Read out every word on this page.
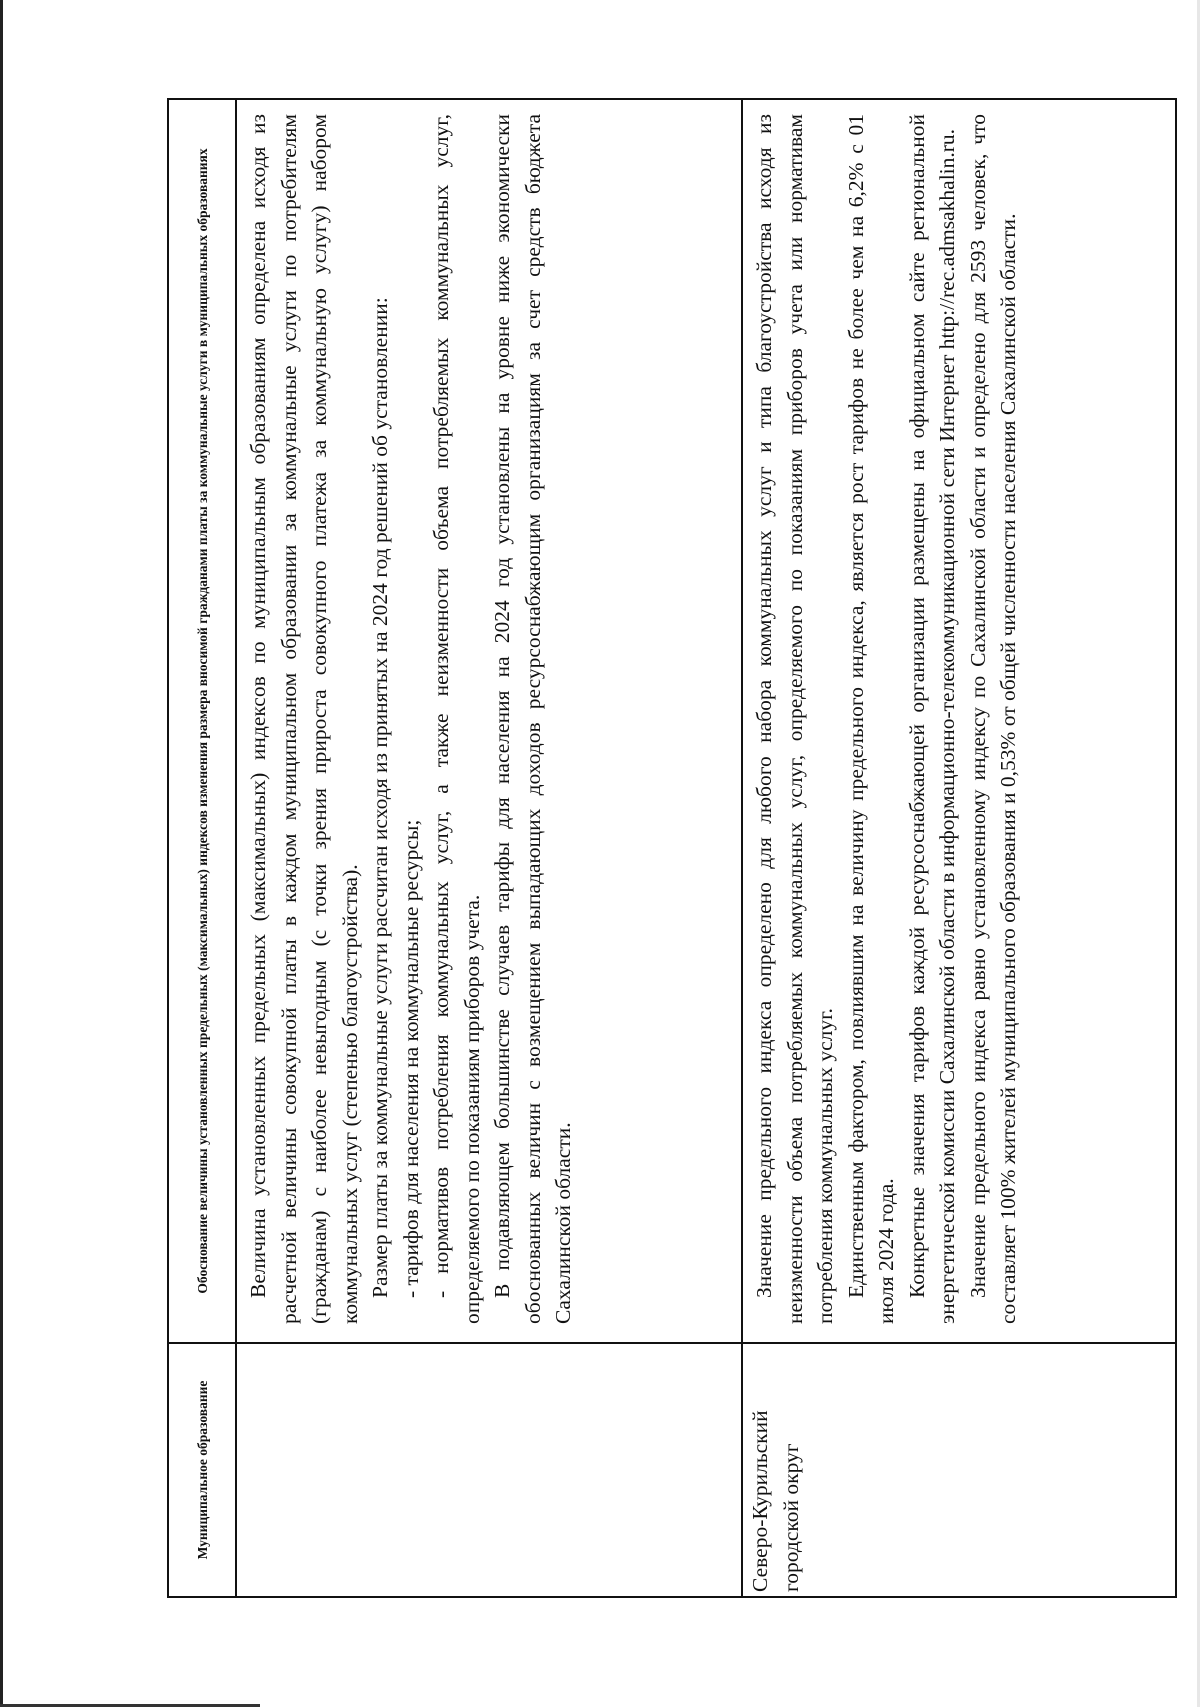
Муниципальное образование
Обоснование величины установленных предельных (максимальных) индексов изменения размера вносимой гражданами платы за коммунальные услуги в муниципальных образованиях	Величина установленных предельных (максимальных) индексов по муниципальным образованиям определена исходя из расчетной величины совокупной платы в каждом муниципальном образовании за коммунальные услуги по потребителям (гражданам) с наиболее невыгодным (с точки зрения прироста совокупного платежа за коммунальную услугу) набором коммунальных услуг (степенью благоустройства). Размер платы за коммунальные услуги рассчитан исходя из принятых на 2024 год решений об установлении: - тарифов для населения на коммунальные ресурсы; - нормативов потребления коммунальных услуг, а также неизменности объема потребляемых коммунальных услуг, определяемого по показаниям приборов учета. В подавляющем большинстве случаев тарифы для населения на 2024 год установлены на уровне ниже экономически обоснованных величин с возмещением выпадающих доходов ресурсоснабжающим организациям за счет средств бюджета Сахалинской области.

Северо-Курильский городской округ

Значение предельного индекса определено для любого набора коммунальных услуг и типа благоустройства исходя из неизменности объема потребляемых коммунальных услуг, определяемого по показаниям приборов учета или нормативам потребления коммунальных услуг. Единственным фактором, повлиявшим на величину предельного индекса, является рост тарифов не более чем на 6,2% с 01 июля 2024 года. Конкретные значения тарифов каждой ресурсоснабжающей организации размещены на официальном сайте региональной энергетической комиссии Сахалинской области в информационно-телекоммуникационной сети Интернет http://rec.admsakhalin.ru. Значение предельного индекса равно установленному индексу по Сахалинской области и определено для 2593 человек, что составляет 100% жителей муниципального образования и 0,53% от общей численности населения Сахалинской области.
